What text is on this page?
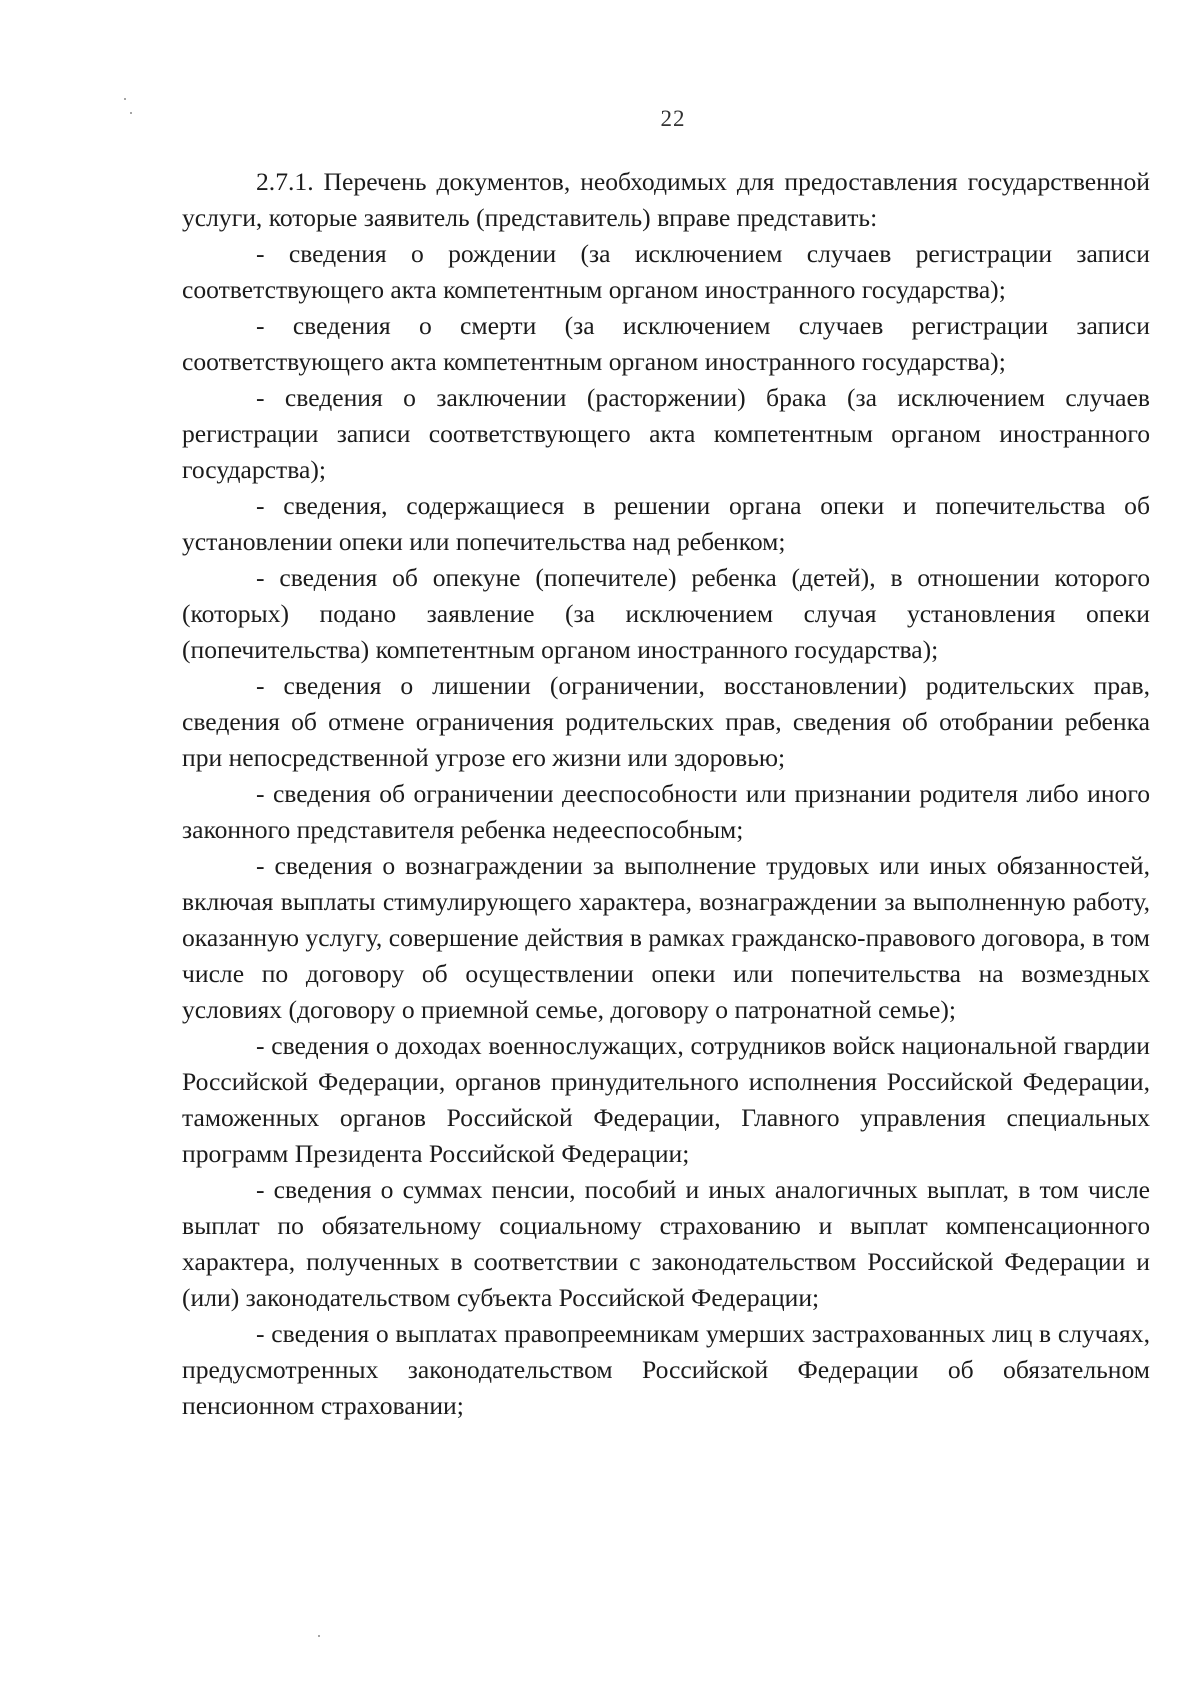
22

2.7.1. Перечень документов, необходимых для предоставления государственной услуги, которые заявитель (представитель) вправе представить:

- сведения о рождении (за исключением случаев регистрации записи соответствующего акта компетентным органом иностранного государства);

- сведения о смерти (за исключением случаев регистрации записи соответствующего акта компетентным органом иностранного государства);

- сведения о заключении (расторжении) брака (за исключением случаев регистрации записи соответствующего акта компетентным органом иностранного государства);

- сведения, содержащиеся в решении органа опеки и попечительства об установлении опеки или попечительства над ребенком;

- сведения об опекуне (попечителе) ребенка (детей), в отношении которого (которых) подано заявление (за исключением случая установления опеки (попечительства) компетентным органом иностранного государства);

- сведения о лишении (ограничении, восстановлении) родительских прав, сведения об отмене ограничения родительских прав, сведения об отобрании ребенка при непосредственной угрозе его жизни или здоровью;

- сведения об ограничении дееспособности или признании родителя либо иного законного представителя ребенка недееспособным;

- сведения о вознаграждении за выполнение трудовых или иных обязанностей, включая выплаты стимулирующего характера, вознаграждении за выполненную работу, оказанную услугу, совершение действия в рамках гражданско-правового договора, в том числе по договору об осуществлении опеки или попечительства на возмездных условиях (договору о приемной семье, договору о патронатной семье);

- сведения о доходах военнослужащих, сотрудников войск национальной гвардии Российской Федерации, органов принудительного исполнения Российской Федерации, таможенных органов Российской Федерации, Главного управления специальных программ Президента Российской Федерации;

- сведения о суммах пенсии, пособий и иных аналогичных выплат, в том числе выплат по обязательному социальному страхованию и выплат компенсационного характера, полученных в соответствии с законодательством Российской Федерации и (или) законодательством субъекта Российской Федерации;

- сведения о выплатах правопреемникам умерших застрахованных лиц в случаях, предусмотренных законодательством Российской Федерации об обязательном пенсионном страховании;
